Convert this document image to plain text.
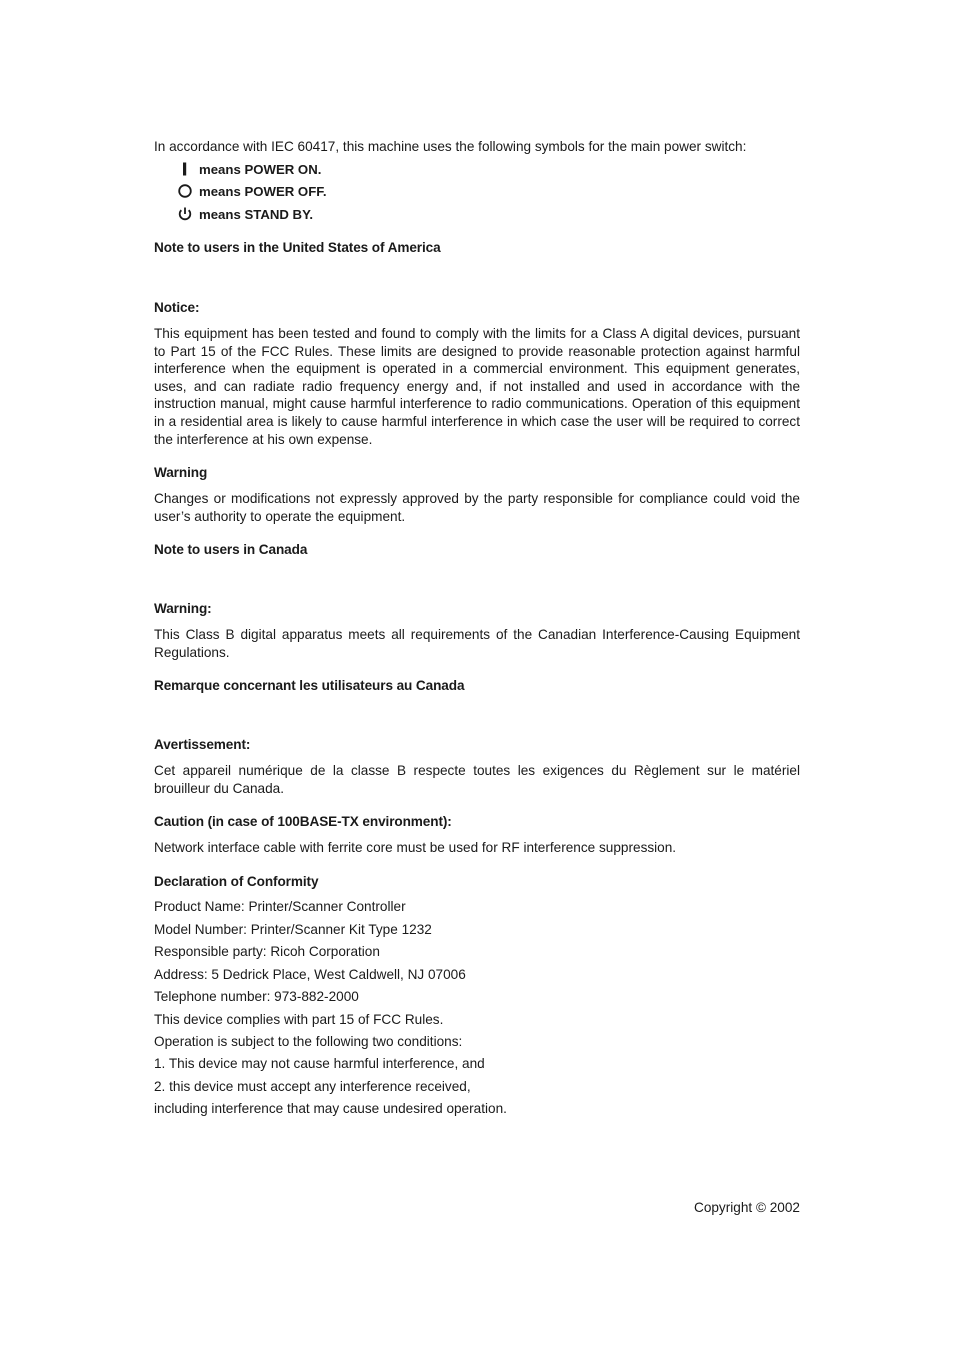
In accordance with IEC 60417, this machine uses the following symbols for the main power switch:

means POWER ON.
means POWER OFF.
means STAND BY.

Note to users in the United States of America

Notice:

This equipment has been tested and found to comply with the limits for a Class A digital devices, pursuant to Part 15 of the FCC Rules. These limits are designed to provide reasonable protection against harmful interference when the equipment is operated in a commercial environment. This equipment generates, uses, and can radiate radio frequency energy and, if not installed and used in accordance with the instruction manual, might cause harmful interference to radio communications. Operation of this equipment in a residential area is likely to cause harmful interference in which case the user will be required to correct the interference at his own expense.

Warning

Changes or modifications not expressly approved by the party responsible for compliance could void the user’s authority to operate the equipment.

Note to users in Canada

Warning:

This Class B digital apparatus meets all requirements of the Canadian Interference-Causing Equipment Regulations.

Remarque concernant les utilisateurs au Canada

Avertissement:

Cet appareil numérique de la classe B respecte toutes les exigences du Règlement sur le matériel brouilleur du Canada.

Caution (in case of 100BASE-TX environment):

Network interface cable with ferrite core must be used for RF interference suppression.

Declaration of Conformity

Product Name: Printer/Scanner Controller

Model Number: Printer/Scanner Kit Type 1232

Responsible party: Ricoh Corporation

Address: 5 Dedrick Place, West Caldwell, NJ 07006

Telephone number: 973-882-2000

This device complies with part 15 of FCC Rules.

Operation is subject to the following two conditions:

1. This device may not cause harmful interference, and

2. this device must accept any interference received,

including interference that may cause undesired operation.

Copyright © 2002
